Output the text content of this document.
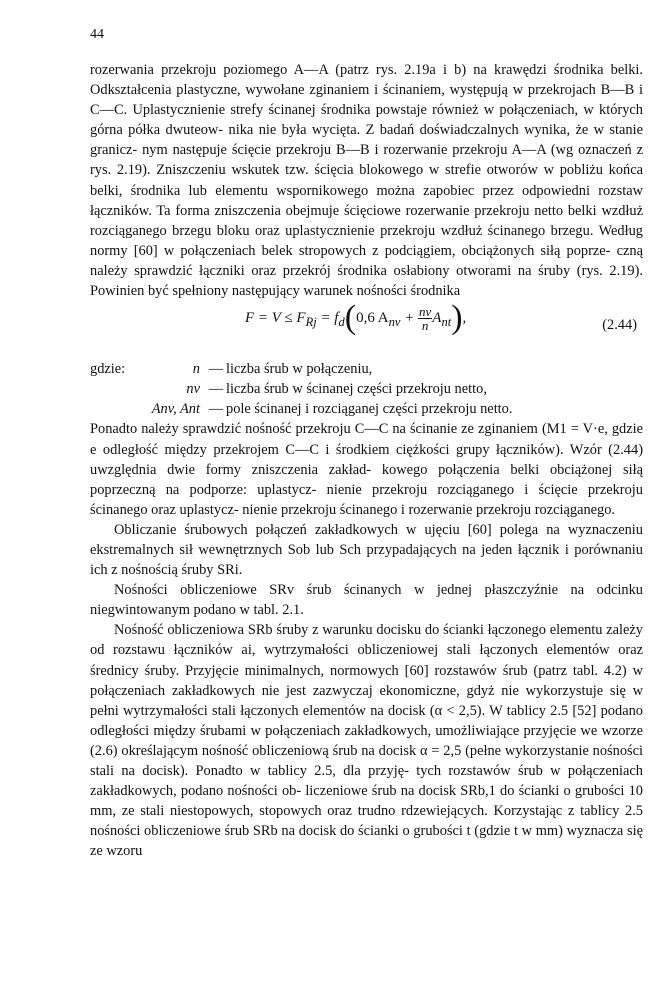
44
rozerwania przekroju poziomego A—A (patrz rys. 2.19a i b) na krawędzi środnika belki. Odkształcenia plastyczne, wywołane zginaniem i ścinaniem, występują w przekrojach B—B i C—C. Uplastycznienie strefy ścinanej środnika powstaje również w połączeniach, w których górna półka dwuteow- nika nie była wycięta. Z badań doświadczalnych wynika, że w stanie granicz- nym następuje ścięcie przekroju B—B i rozerwanie przekroju A—A (wg oznaczeń z rys. 2.19). Zniszczeniu wskutek tzw. ścięcia blokowego w strefie otworów w pobliżu końca belki, środnika lub elementu wspornikowego można zapobiec przez odpowiedni rozstaw łączników. Ta forma zniszczenia obejmuje ścięciowe rozerwanie przekroju netto belki wzdłuż rozciąganego brzegu bloku oraz uplastycznienie przekroju wzdłuż ścinanego brzegu. Według normy [60] w połączeniach belek stropowych z podciągiem, obciążonych siłą poprze- czną należy sprawdzić łączniki oraz przekrój środnika osłabiony otworami na śruby (rys. 2.19). Powinien być spełniony następujący warunek nośności środnika
$F = V \le F_{Rj} = f_d(0,6$ $A_{nv} + \frac{nv}{n} A_{nt}$),	(2.44)
gdzie:	n — liczba śrub w połączeniu,
nv — liczba śrub w ścinanej części przekroju netto,
Anv, Ant — pole ścinanej i rozciąganej części przekroju netto.
Ponadto należy sprawdzić nośność przekroju C—C na ścinanie ze zginaniem (M1 = V·e, gdzie e odległość między przekrojem C—C i środkiem ciężkości grupy łączników). Wzór (2.44) uwzględnia dwie formy zniszczenia zakład- kowego połączenia belki obciążonej siłą poprzeczną na podporze: uplastycz- nienie przekroju rozciąganego i ścięcie przekroju ścinanego oraz uplastycz- nienie przekroju ścinanego i rozerwanie przekroju rozciąganego.
Obliczanie śrubowych połączeń zakładkowych w ujęciu [60] polega na wyznaczeniu ekstremalnych sił wewnętrznych Sob lub Sch przypadających na jeden łącznik i porównaniu ich z nośnością śruby SRi.
Nośności obliczeniowe SRv śrub ścinanych w jednej płaszczyźnie na odcinku niegwintowanym podano w tabl. 2.1.
Nośność obliczeniowa SRb śruby z warunku docisku do ścianki łączonego elementu zależy od rozstawu łączników ai, wytrzymałości obliczeniowej stali łączonych elementów oraz średnicy śruby. Przyjęcie minimalnych, normowych [60] rozstawów śrub (patrz tabl. 4.2) w połączeniach zakładkowych nie jest zazwyczaj ekonomiczne, gdyż nie wykorzystuje się w pełni wytrzymałości stali łączonych elementów na docisk (α < 2,5). W tablicy 2.5 [52] podano odległości między śrubami w połączeniach zakładkowych, umożliwiające przyjęcie we wzorze (2.6) określającym nośność obliczeniową śrub na docisk α = 2,5 (pełne wykorzystanie nośności stali na docisk). Ponadto w tablicy 2.5, dla przyję- tych rozstawów śrub w połączeniach zakładkowych, podano nośności ob- liczeniowe śrub na docisk SRb,1 do ścianki o grubości 10 mm, ze stali niestopowych, stopowych oraz trudno rdzewiejących. Korzystając z tablicy 2.5 nośności obliczeniowe śrub SRb na docisk do ścianki o grubości t (gdzie t w mm) wyznacza się ze wzoru
